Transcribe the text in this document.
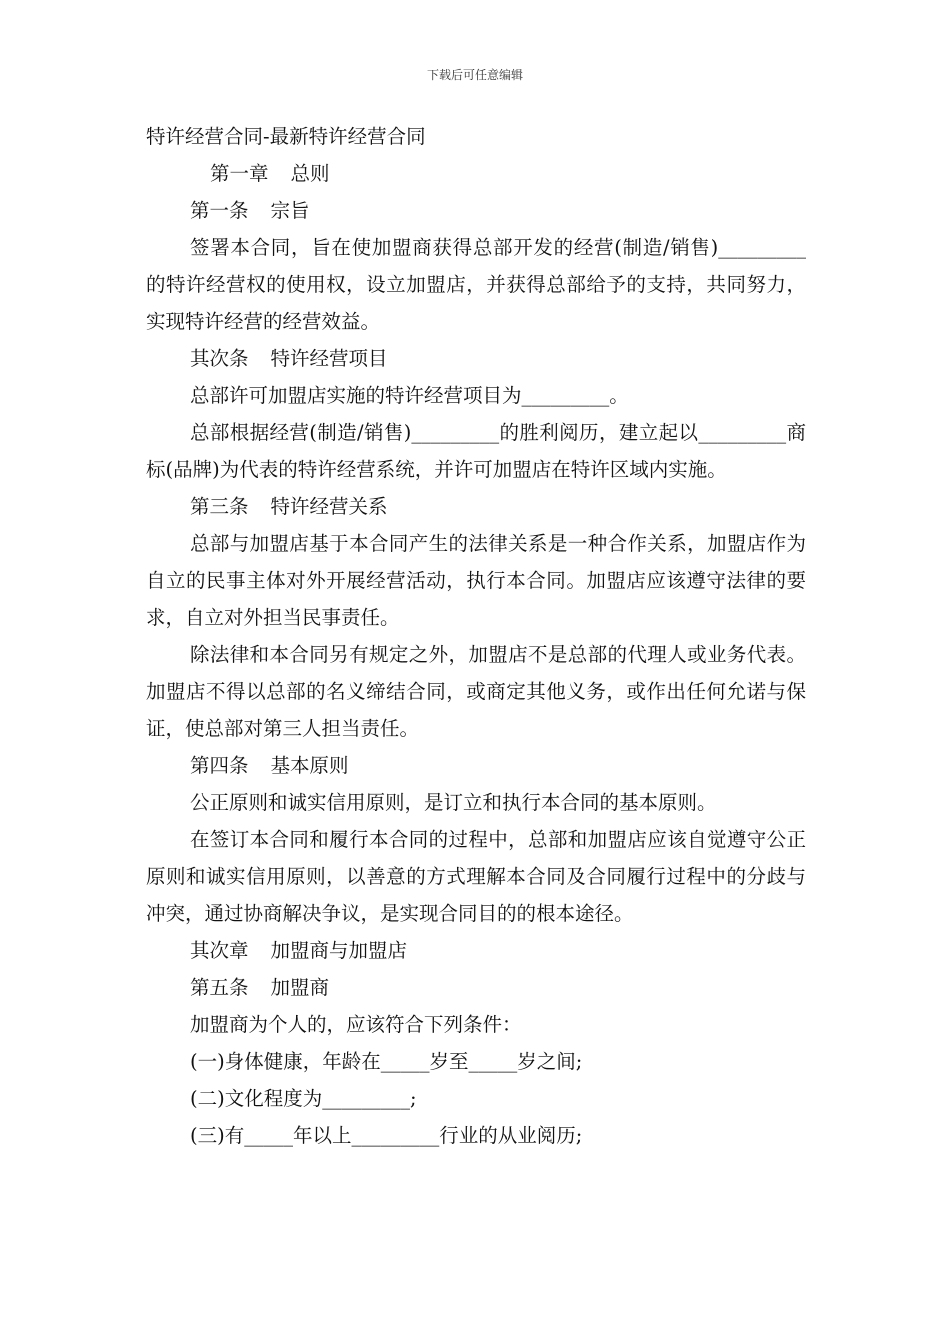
下载后可任意编辑

特许经营合同-最新特许经营合同

第一章 总则

第一条 宗旨

签署本合同，旨在使加盟商获得总部开发的经营(制造/销售)_________的特许经营权的使用权，设立加盟店，并获得总部给予的支持，共同努力，实现特许经营的经营效益。

其次条 特许经营项目

总部许可加盟店实施的特许经营项目为_________。

总部根据经营(制造/销售)_________的胜利阅历，建立起以_________商标(品牌)为代表的特许经营系统，并许可加盟店在特许区域内实施。

第三条 特许经营关系

总部与加盟店基于本合同产生的法律关系是一种合作关系，加盟店作为自立的民事主体对外开展经营活动，执行本合同。加盟店应该遵守法律的要求，自立对外担当民事责任。

除法律和本合同另有规定之外，加盟店不是总部的代理人或业务代表。加盟店不得以总部的名义缔结合同，或商定其他义务，或作出任何允诺与保证，使总部对第三人担当责任。

第四条 基本原则

公正原则和诚实信用原则，是订立和执行本合同的基本原则。

在签订本合同和履行本合同的过程中，总部和加盟店应该自觉遵守公正原则和诚实信用原则，以善意的方式理解本合同及合同履行过程中的分歧与冲突，通过协商解决争议，是实现合同目的的根本途径。

其次章 加盟商与加盟店

第五条 加盟商

加盟商为个人的，应该符合下列条件：

(一)身体健康，年龄在_____岁至_____岁之间;

(二)文化程度为_________;

(三)有_____年以上_________行业的从业阅历;
